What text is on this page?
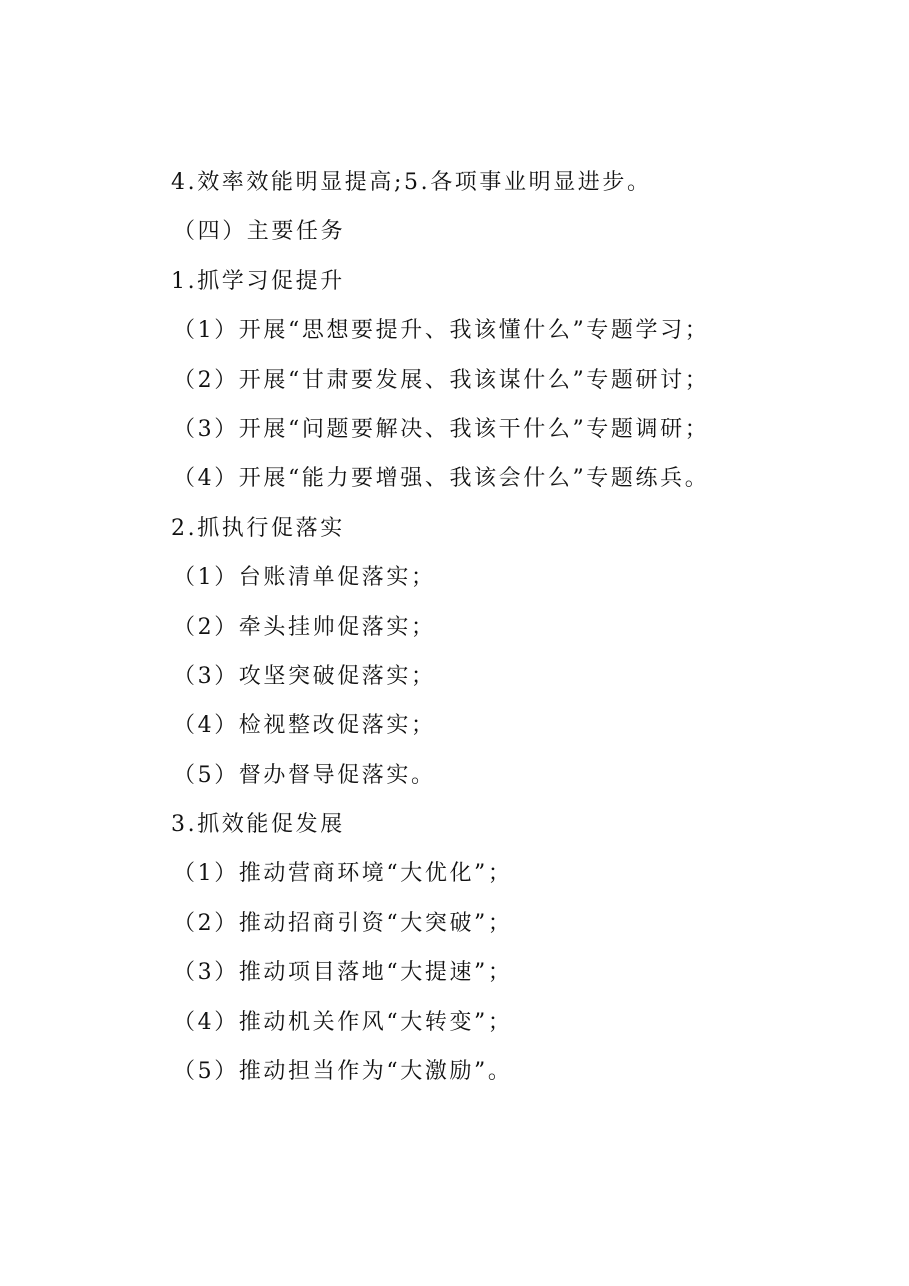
4.效率效能明显提高;5.各项事业明显进步。
（四）主要任务
1.抓学习促提升
（1）开展“思想要提升、我该懂什么”专题学习；
（2）开展“甘肃要发展、我该谋什么”专题研讨；
（3）开展“问题要解决、我该干什么”专题调研；
（4）开展“能力要增强、我该会什么”专题练兵。
2.抓执行促落实
（1）台账清单促落实；
（2）牵头挂帅促落实；
（3）攻坚突破促落实；
（4）检视整改促落实；
（5）督办督导促落实。
3.抓效能促发展
（1）推动营商环境“大优化”；
（2）推动招商引资“大突破”；
（3）推动项目落地“大提速”；
（4）推动机关作风“大转变”；
（5）推动担当作为“大激励”。
